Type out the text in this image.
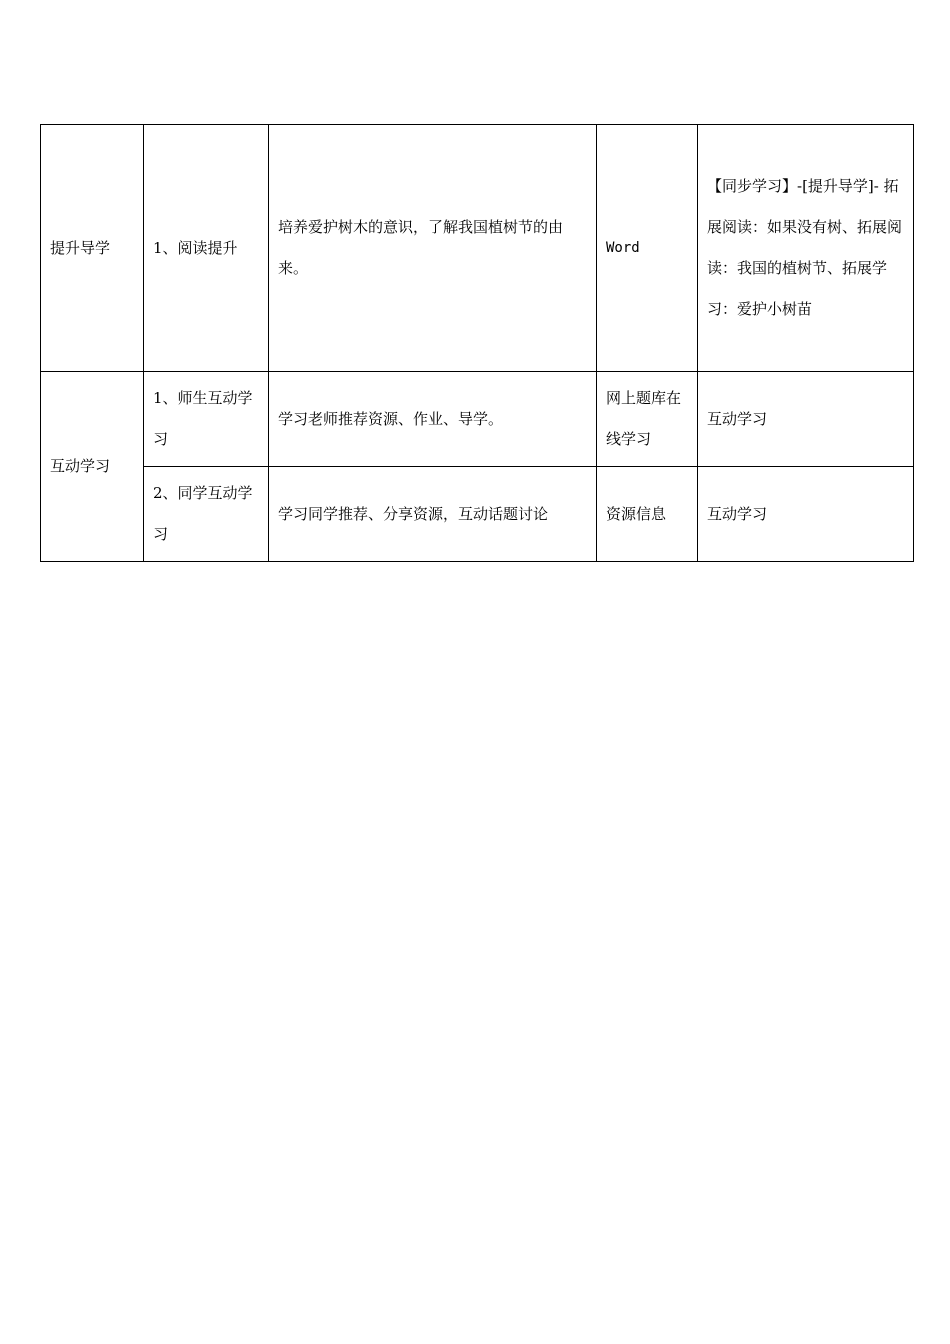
提升导学	1、阅读提升	培养爱护树木的意识，了解我国植树节的由来。	Word	【同步学习】-[提升导学]- 拓展阅读：如果没有树、拓展阅读：我国的植树节、拓展学习：爱护小树苗
互动学习	1、师生互动学习	学习老师推荐资源、作业、导学。	网上题库在线学习	互动学习
	2、同学互动学习	学习同学推荐、分享资源，互动话题讨论	资源信息	互动学习
